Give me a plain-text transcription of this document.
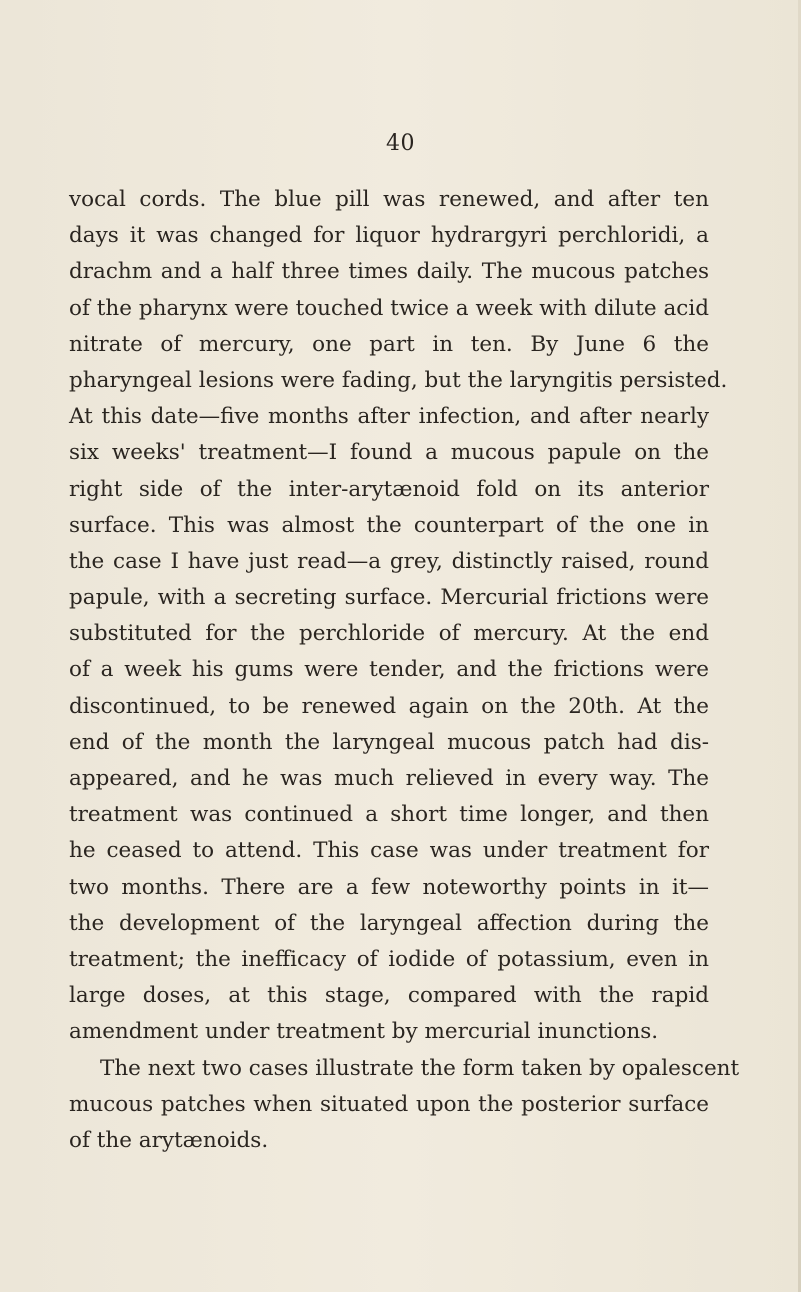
40
vocal cords. The blue pill was renewed, and after ten
days it was changed for liquor hydrargyri perchloridi, a
drachm and a half three times daily. The mucous patches
of the pharynx were touched twice a week with dilute acid
nitrate of mercury, one part in ten. By June 6 the
pharyngeal lesions were fading, but the laryngitis persisted.
At this date—five months after infection, and after nearly
six weeks' treatment—I found a mucous papule on the
right side of the inter-arytænoid fold on its anterior
surface. This was almost the counterpart of the one in
the case I have just read—a grey, distinctly raised, round
papule, with a secreting surface. Mercurial frictions were
substituted for the perchloride of mercury. At the end
of a week his gums were tender, and the frictions were
discontinued, to be renewed again on the 20th. At the
end of the month the laryngeal mucous patch had dis-
appeared, and he was much relieved in every way. The
treatment was continued a short time longer, and then
he ceased to attend. This case was under treatment for
two months. There are a few noteworthy points in it—
the development of the laryngeal affection during the
treatment; the inefficacy of iodide of potassium, even in
large doses, at this stage, compared with the rapid
amendment under treatment by mercurial inunctions.
The next two cases illustrate the form taken by opalescent
mucous patches when situated upon the posterior surface
of the arytænoids.
